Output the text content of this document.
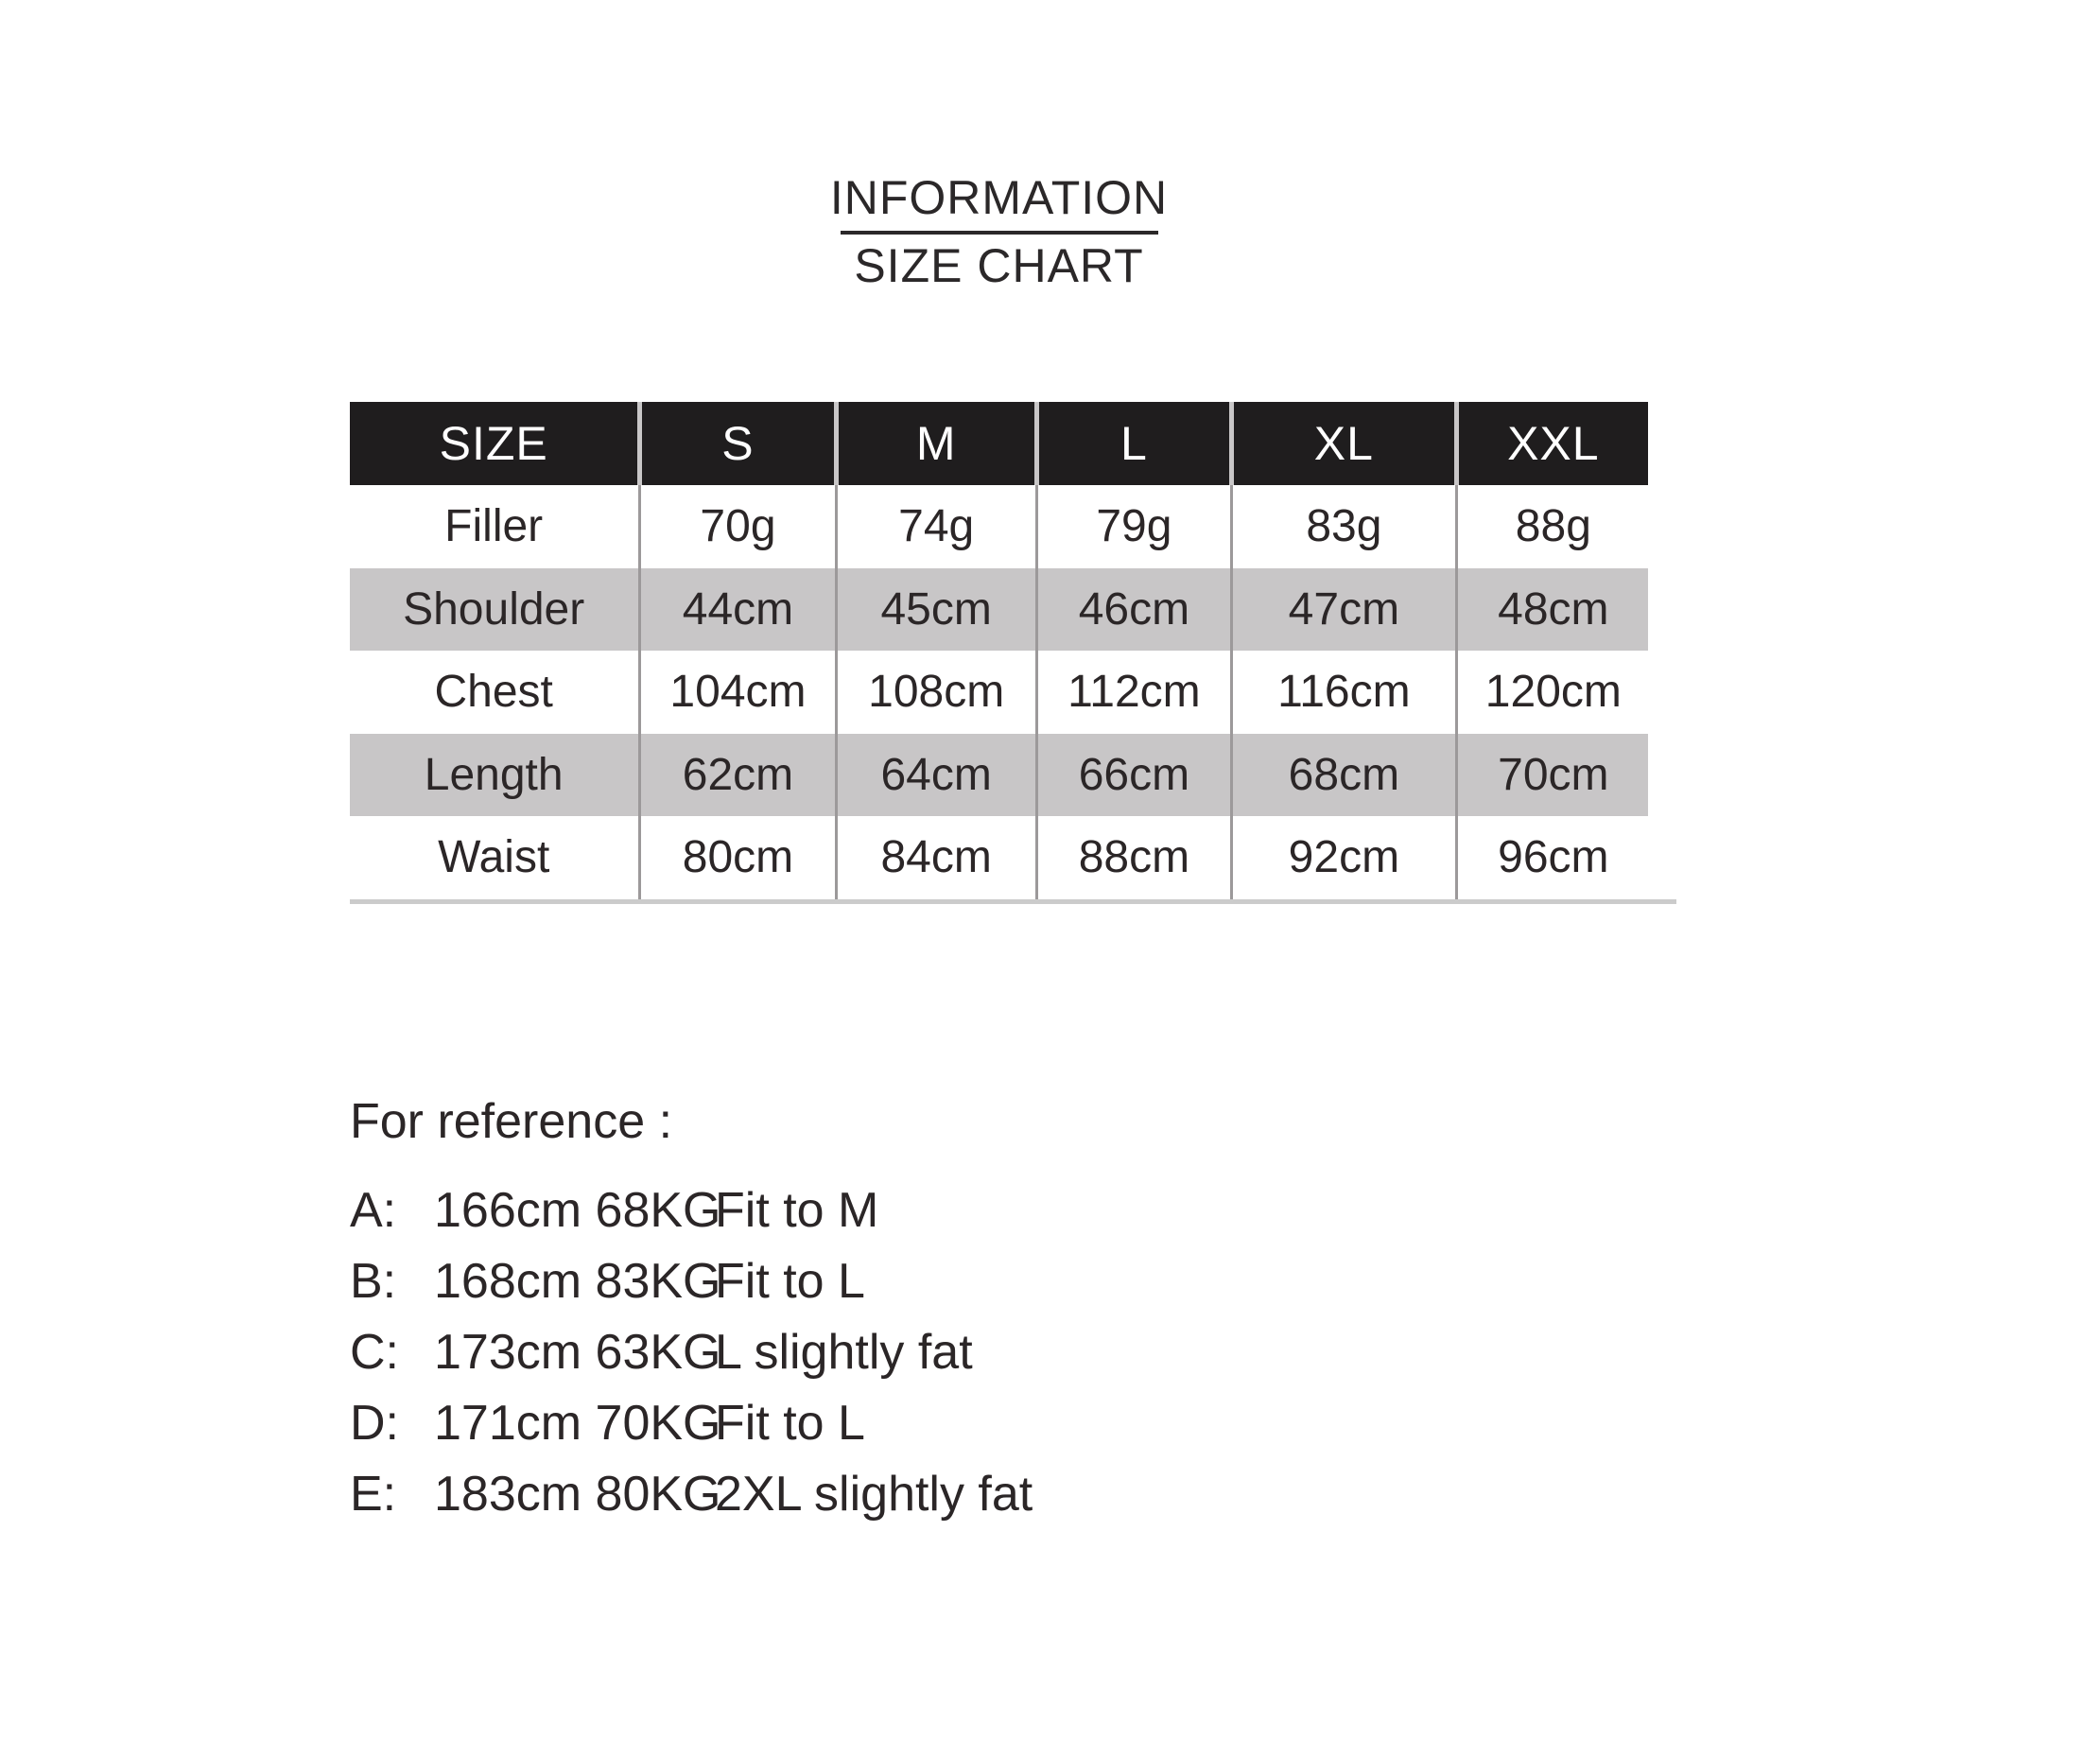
INFORMATION
SIZE CHART
SIZE	S	M	L	XL	XXL
Filler	70g	74g	79g	83g	88g
Shoulder	44cm	45cm	46cm	47cm	48cm
Chest	104cm	108cm	112cm	116cm	120cm
Length	62cm	64cm	66cm	68cm	70cm
Waist	80cm	84cm	88cm	92cm	96cm
For reference :
A: 166cm 68KG
Fit to M
B: 168cm 83KG
Fit to L
C: 173cm 63KG
L slightly fat
D: 171cm 70KG
Fit to L
E: 183cm 80KG
2XL slightly fat
